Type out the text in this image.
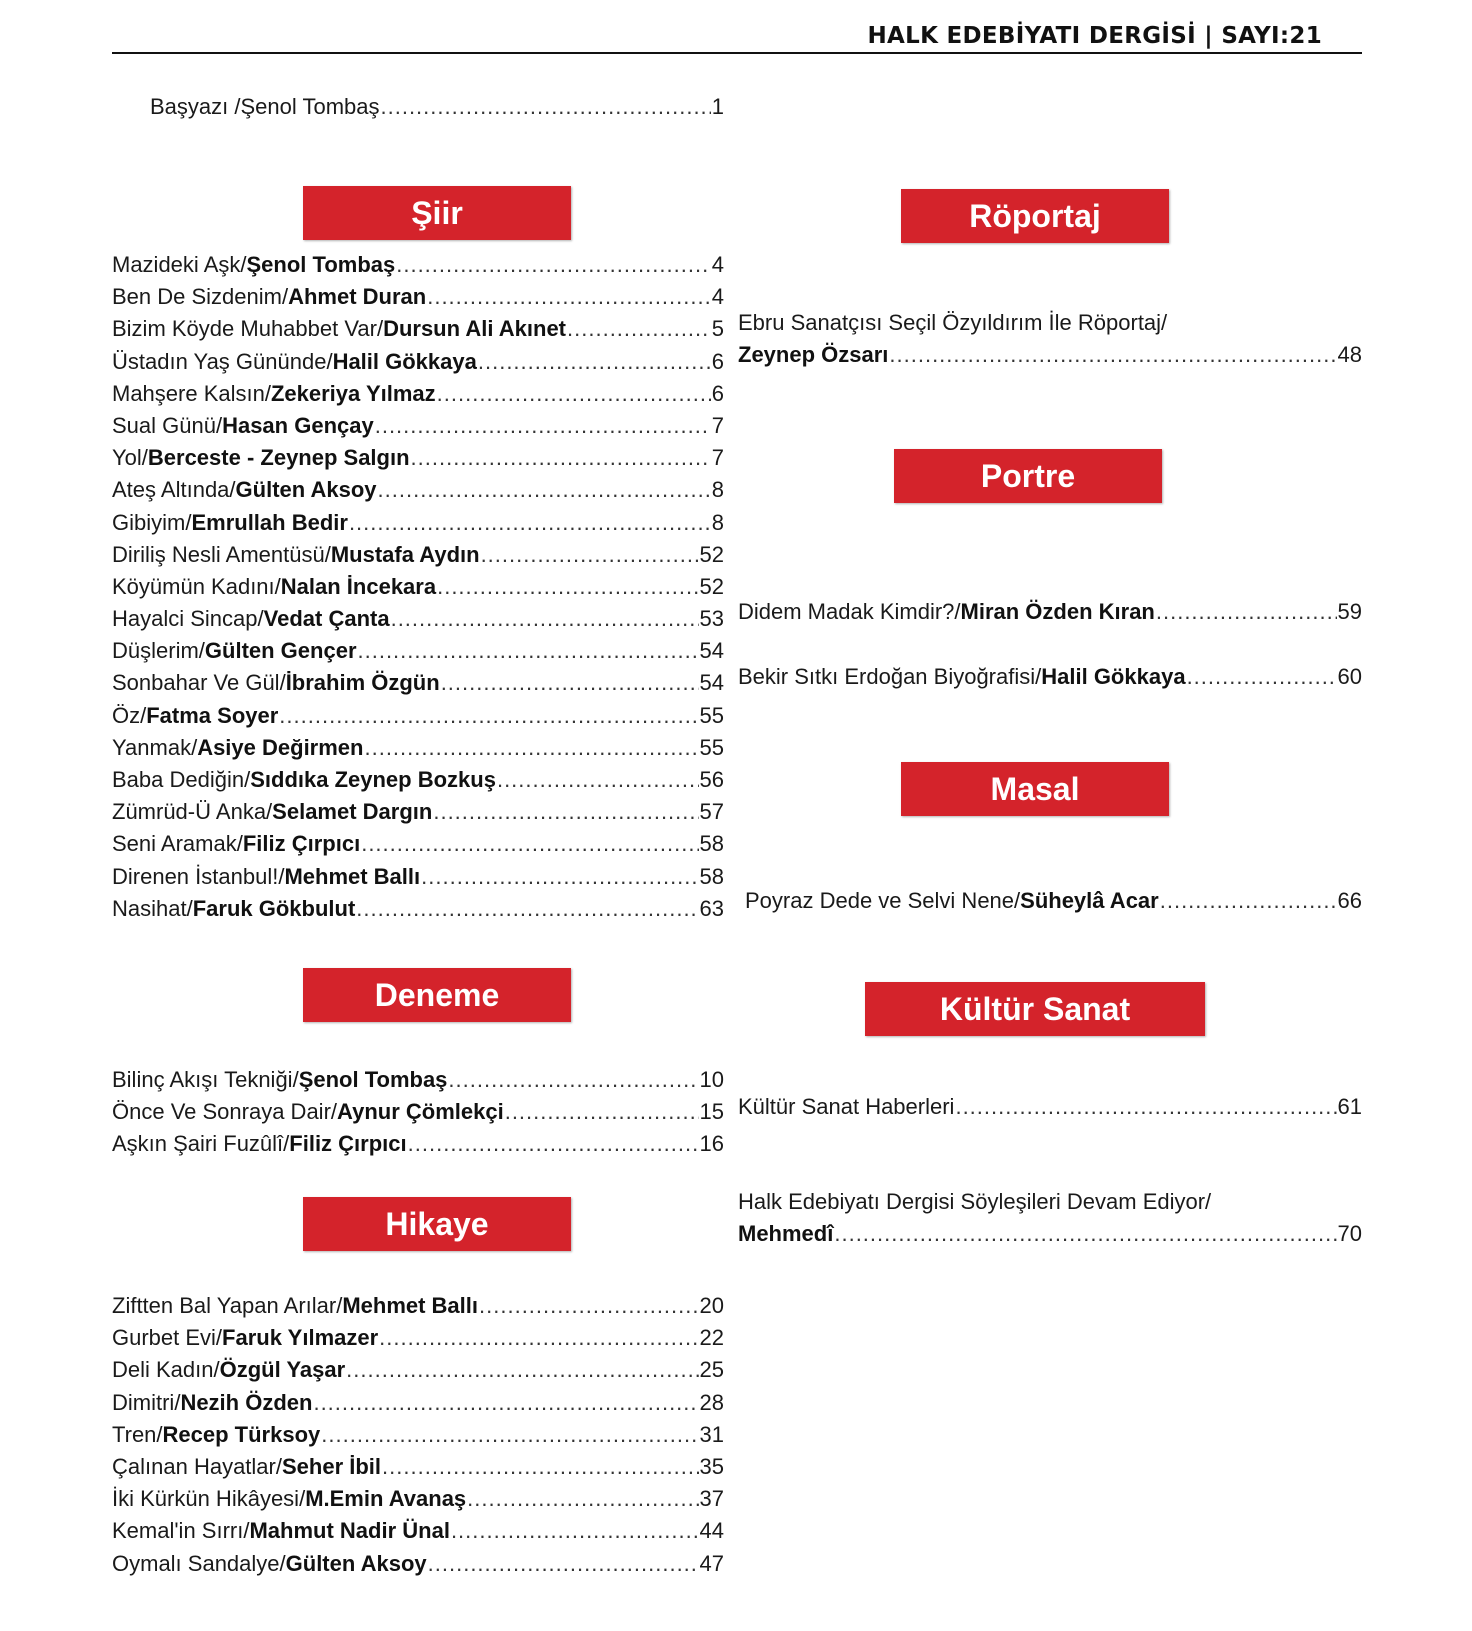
HALK EDEBİYATI DERGİSİ | SAYI:21
Başyazı /Şenol Tombaş .....	1
Şiir
Mazideki Aşk/ Şenol Tombaş .....	4
Ben De Sizdenim/ Ahmet Duran .....	4
Bizim Köyde Muhabbet Var/ Dursun Ali Akınet .....	5
Üstadın Yaş Gününde/ Halil Gökkaya .....	6
Mahşere Kalsın/ Zekeriya Yılmaz .....	6
Sual Günü/ Hasan Gençay .....	7
Yol/ Berceste - Zeynep Salgın .....	7
Ateş Altında/ Gülten Aksoy .....	8
Gibiyim/ Emrullah Bedir .....	8
Diriliş Nesli Amentüsü/ Mustafa Aydın .....	52
Köyümün Kadını/ Nalan İncekara .....	52
Hayalci Sincap/ Vedat Çanta .....	53
Düşlerim/ Gülten Gençer .....	54
Sonbahar Ve Gül/ İbrahim Özgün .....	54
Öz/ Fatma Soyer .....	55
Yanmak/ Asiye Değirmen .....	55
Baba Dediğin/ Sıddıka Zeynep Bozkuş .....	56
Zümrüd-Ü Anka/ Selamet Dargın .....	57
Seni Aramak/ Filiz Çırpıcı .....	58
Direnen İstanbul!/ Mehmet Ballı .....	58
Nasihat/ Faruk Gökbulut .....	63
Deneme
Bilinç Akışı Tekniği/ Şenol Tombaş .....	10
Önce Ve Sonraya Dair/ Aynur Çömlekçi .....	15
Aşkın Şairi Fuzûlî/ Filiz Çırpıcı .....	16
Hikaye
Ziftten Bal Yapan Arılar/ Mehmet Ballı .....	20
Gurbet Evi/ Faruk Yılmazer .....	22
Deli Kadın/ Özgül Yaşar .....	25
Dimitri/ Nezih Özden .....	28
Tren/ Recep Türksoy .....	31
Çalınan Hayatlar/ Seher İbil .....	35
İki Kürkün Hikâyesi/ M.Emin Avanaş .....	37
Kemal'in Sırrı/ Mahmut Nadir Ünal .....	44
Oymalı Sandalye/ Gülten Aksoy .....	47
Röportaj
Ebru Sanatçısı Seçil Özyıldırım İle Röportaj/
Zeynep Özsarı .....	48
Portre
Didem Madak Kimdir?/ Miran Özden Kıran .....	59
Bekir Sıtkı Erdoğan Biyoğrafisi/ Halil Gökkaya .....	60
Masal
Poyraz Dede ve Selvi Nene/ Süheylâ Acar .....	66
Kültür Sanat
Kültür Sanat Haberleri .....	61
Halk Edebiyatı Dergisi Söyleşileri Devam Ediyor/
Mehmedî .....	70
